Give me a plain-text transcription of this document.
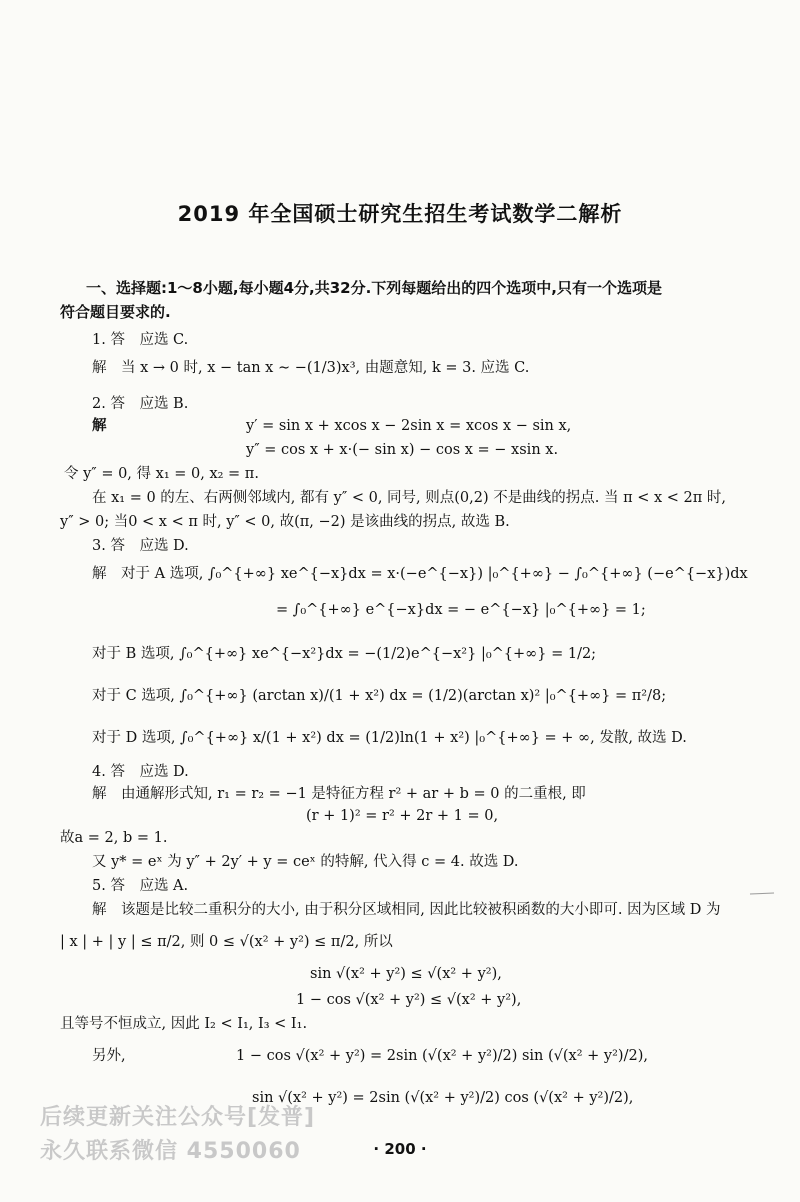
2019 年全国硕士研究生招生考试数学二解析
一、选择题:1～8小题,每小题4分,共32分.下列每题给出的四个选项中,只有一个选项是
符合题目要求的.
1. 答　应选 C.
解　当 x → 0 时, x − tan x ∼ −(1/3)x³, 由题意知, k = 3. 应选 C.
2. 答　应选 B.
解	y′ = sin x + xcos x − 2sin x = xcos x − sin x,
y″ = cos x + x·(− sin x) − cos x = − xsin x.
令 y″ = 0, 得 x₁ = 0, x₂ = π.
在 x₁ = 0 的左、右两侧邻域内, 都有 y″ < 0, 同号, 则点(0,2) 不是曲线的拐点. 当 π < x < 2π 时,
y″ > 0; 当0 < x < π 时, y″ < 0, 故(π, −2) 是该曲线的拐点, 故选 B.
3. 答　应选 D.
解　对于 A 选项, ∫₀^{+∞} xe^{−x}dx = x·(−e^{−x}) |₀^{+∞} − ∫₀^{+∞} (−e^{−x})dx
= ∫₀^{+∞} e^{−x}dx = − e^{−x} |₀^{+∞} = 1;
对于 B 选项, ∫₀^{+∞} xe^{−x²}dx = −(1/2)e^{−x²} |₀^{+∞} = 1/2;
对于 C 选项, ∫₀^{+∞} (arctan x)/(1 + x²) dx = (1/2)(arctan x)² |₀^{+∞} = π²/8;
对于 D 选项, ∫₀^{+∞} x/(1 + x²) dx = (1/2)ln(1 + x²) |₀^{+∞} = + ∞, 发散, 故选 D.
4. 答　应选 D.
解　由通解形式知, r₁ = r₂ = −1 是特征方程 r² + ar + b = 0 的二重根, 即
(r + 1)² = r² + 2r + 1 = 0,
故a = 2, b = 1.
又 y* = eˣ 为 y″ + 2y′ + y = ceˣ 的特解, 代入得 c = 4. 故选 D.
5. 答　应选 A.
解　该题是比较二重积分的大小, 由于积分区域相同, 因此比较被积函数的大小即可. 因为区域 D 为
| x | + | y | ≤ π/2, 则 0 ≤ √(x² + y²) ≤ π/2, 所以
sin √(x² + y²) ≤ √(x² + y²),
1 − cos √(x² + y²) ≤ √(x² + y²),
且等号不恒成立, 因此 I₂ < I₁, I₃ < I₁.
另外,	1 − cos √(x² + y²) = 2sin (√(x² + y²)/2) sin (√(x² + y²)/2),
sin √(x² + y²) = 2sin (√(x² + y²)/2) cos (√(x² + y²)/2),
后续更新关注公众号[发普]
永久联系微信 4550060	· 200 ·
